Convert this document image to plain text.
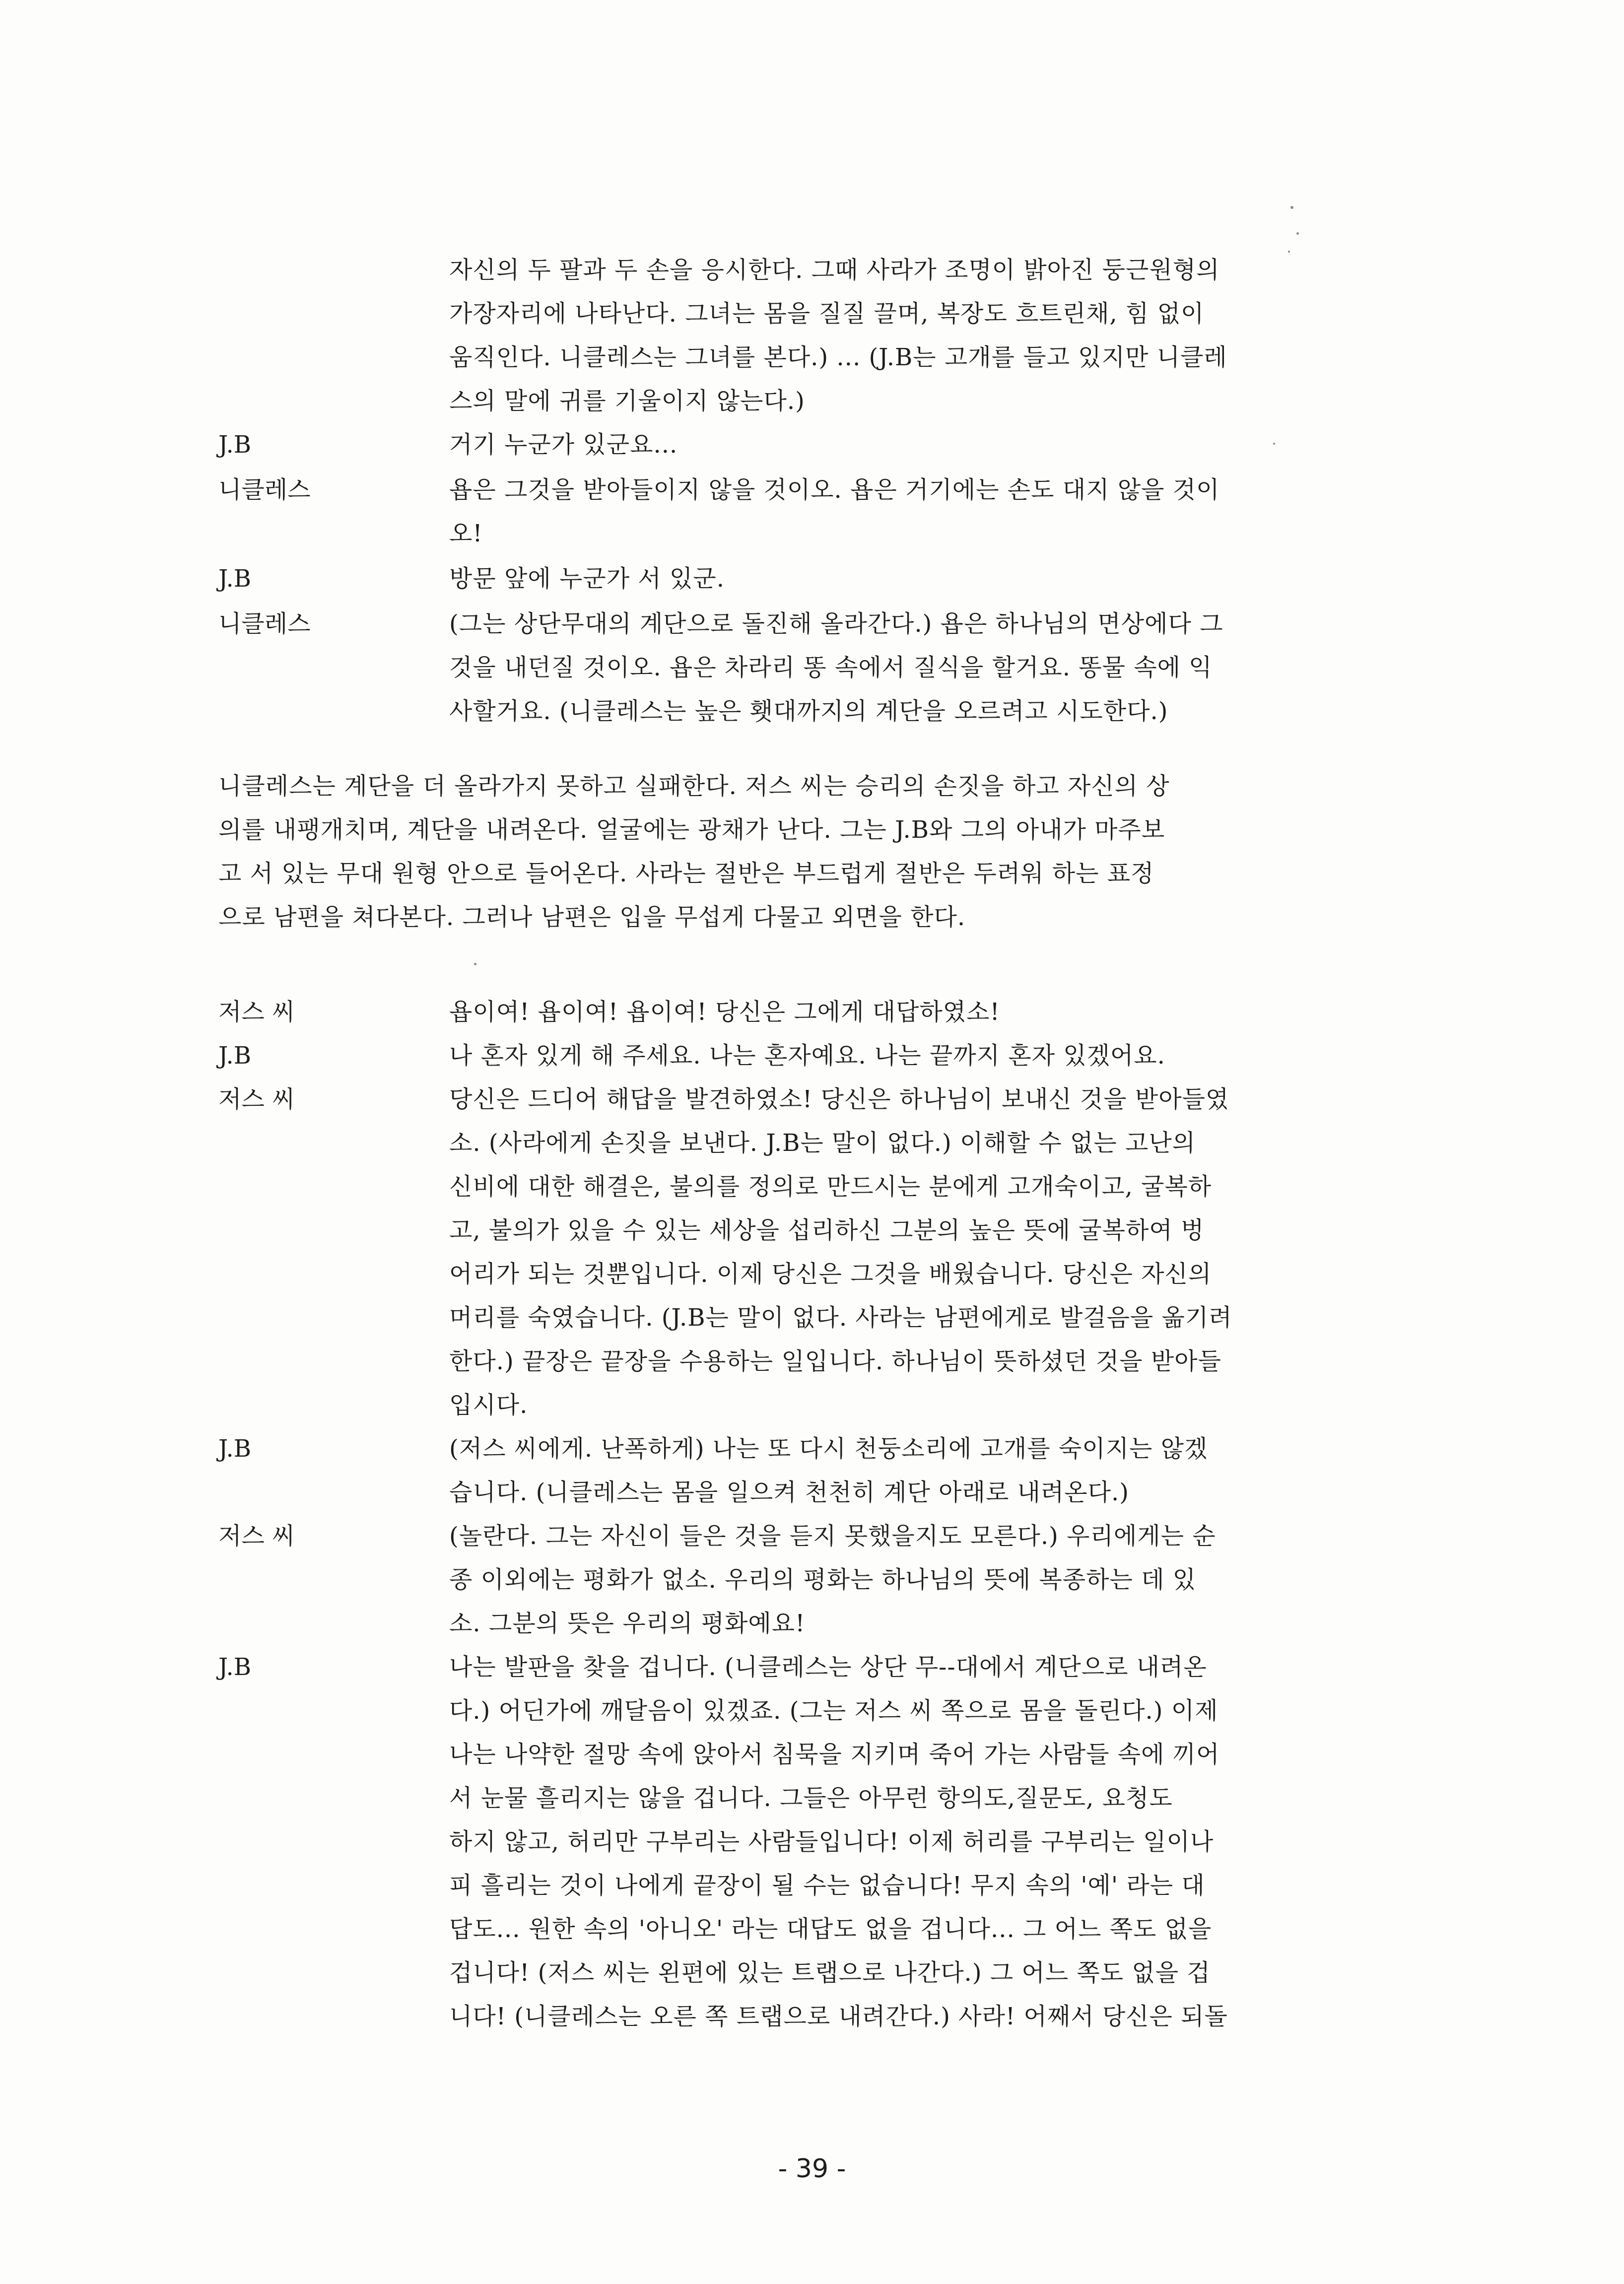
자신의 두 팔과 두 손을 응시한다. 그때 사라가 조명이 밝아진 둥근원형의
가장자리에 나타난다. 그녀는 몸을 질질 끌며, 복장도 흐트린채, 힘 없이
움직인다. 니클레스는 그녀를 본다.) ... (J.B는 고개를 들고 있지만 니클레
스의 말에 귀를 기울이지 않는다.)
J.B	거기 누군가 있군요...
니클레스	욥은 그것을 받아들이지 않을 것이오. 욥은 거기에는 손도 대지 않을 것이
오!
J.B	방문 앞에 누군가 서 있군.
니클레스	(그는 상단무대의 계단으로 돌진해 올라간다.) 욥은 하나님의 면상에다 그
것을 내던질 것이오. 욥은 차라리 똥 속에서 질식을 할거요. 똥물 속에 익
사할거요. (니클레스는 높은 횃대까지의 계단을 오르려고 시도한다.)
니클레스는 계단을 더 올라가지 못하고 실패한다. 저스 씨는 승리의 손짓을 하고 자신의 상
의를 내팽개치며, 계단을 내려온다. 얼굴에는 광채가 난다. 그는 J.B와 그의 아내가 마주보
고 서 있는 무대 원형 안으로 들어온다. 사라는 절반은 부드럽게 절반은 두려워 하는 표정
으로 남편을 쳐다본다. 그러나 남편은 입을 무섭게 다물고 외면을 한다.
저스 씨	욥이여! 욥이여! 욥이여! 당신은 그에게 대답하였소!
J.B	나 혼자 있게 해 주세요. 나는 혼자예요. 나는 끝까지 혼자 있겠어요.
저스 씨	당신은 드디어 해답을 발견하였소! 당신은 하나님이 보내신 것을 받아들였
소. (사라에게 손짓을 보낸다. J.B는 말이 없다.) 이해할 수 없는 고난의
신비에 대한 해결은, 불의를 정의로 만드시는 분에게 고개숙이고, 굴복하
고, 불의가 있을 수 있는 세상을 섭리하신 그분의 높은 뜻에 굴복하여 벙
어리가 되는 것뿐입니다. 이제 당신은 그것을 배웠습니다. 당신은 자신의
머리를 숙였습니다. (J.B는 말이 없다. 사라는 남편에게로 발걸음을 옮기려
한다.) 끝장은 끝장을 수용하는 일입니다. 하나님이 뜻하셨던 것을 받아들
입시다.
J.B	(저스 씨에게. 난폭하게) 나는 또 다시 천둥소리에 고개를 숙이지는 않겠
습니다. (니클레스는 몸을 일으켜 천천히 계단 아래로 내려온다.)
저스 씨	(놀란다. 그는 자신이 들은 것을 듣지 못했을지도 모른다.) 우리에게는 순
종 이외에는 평화가 없소. 우리의 평화는 하나님의 뜻에 복종하는 데 있
소. 그분의 뜻은 우리의 평화예요!
J.B	나는 발판을 찾을 겁니다. (니클레스는 상단 무--대에서 계단으로 내려온
다.) 어딘가에 깨달음이 있겠죠. (그는 저스 씨 쪽으로 몸을 돌린다.) 이제
나는 나약한 절망 속에 앉아서 침묵을 지키며 죽어 가는 사람들 속에 끼어
서 눈물 흘리지는 않을 겁니다. 그들은 아무런 항의도,질문도, 요청도
하지 않고, 허리만 구부리는 사람들입니다! 이제 허리를 구부리는 일이나
피 흘리는 것이 나에게 끝장이 될 수는 없습니다! 무지 속의 '예' 라는 대
답도... 원한 속의 '아니오' 라는 대답도 없을 겁니다... 그 어느 쪽도 없을
겁니다! (저스 씨는 왼편에 있는 트랩으로 나간다.) 그 어느 쪽도 없을 겁
니다! (니클레스는 오른 쪽 트랩으로 내려간다.) 사라! 어째서 당신은 되돌
- 39 -
